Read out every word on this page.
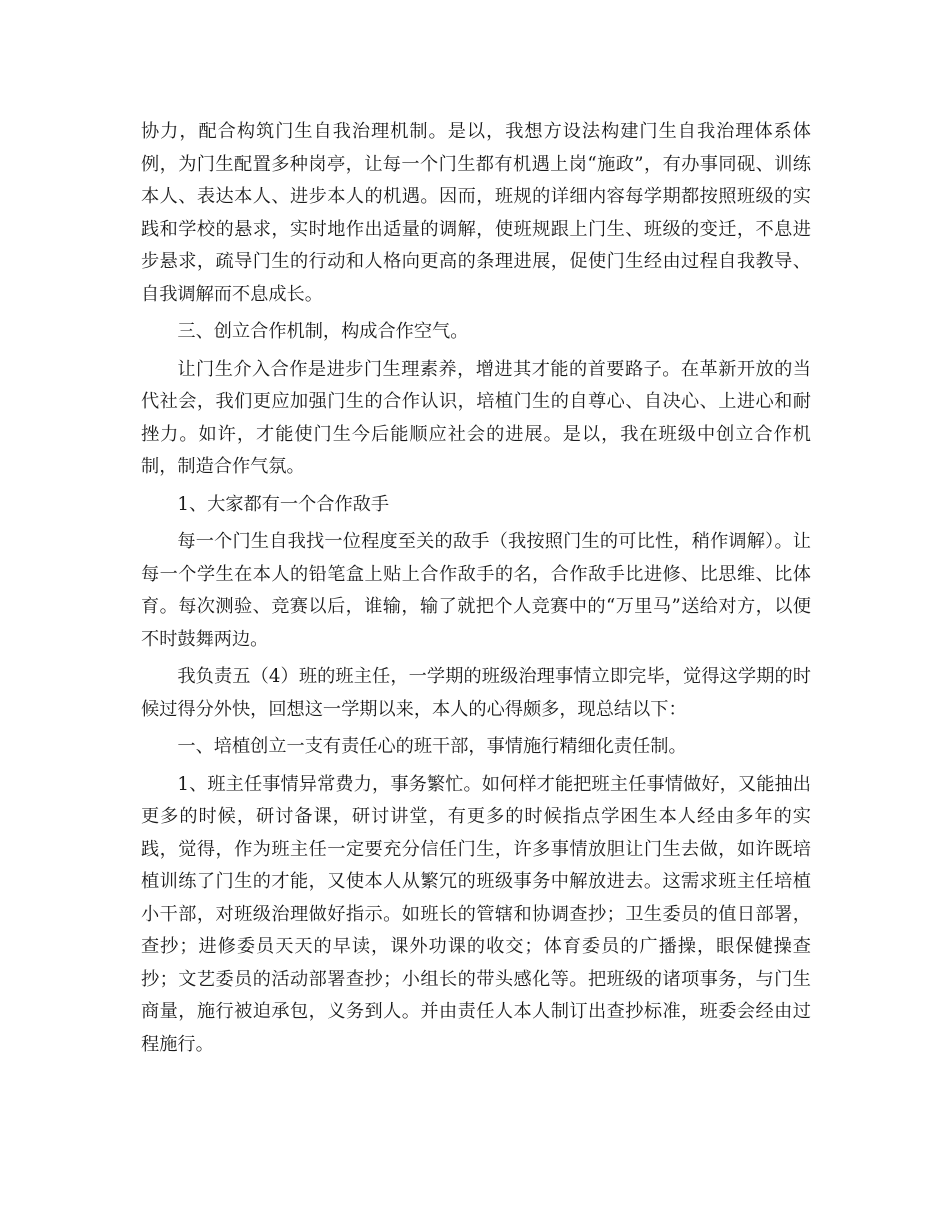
协力，配合构筑门生自我治理机制。是以，我想方设法构建门生自我治理体系体例，为门生配置多种岗亭，让每一个门生都有机遇上岗“施政”，有办事同砚、训练本人、表达本人、进步本人的机遇。因而，班规的详细内容每学期都按照班级的实践和学校的悬求，实时地作出适量的调解，使班规跟上门生、班级的变迁，不息进步悬求，疏导门生的行动和人格向更高的条理进展，促使门生经由过程自我教导、自我调解而不息成长。

三、创立合作机制，构成合作空气。

让门生介入合作是进步门生理素养，增进其才能的首要路子。在革新开放的当代社会，我们更应加强门生的合作认识，培植门生的自尊心、自决心、上进心和耐挫力。如许，才能使门生今后能顺应社会的进展。是以，我在班级中创立合作机制，制造合作气氛。

1、大家都有一个合作敌手

每一个门生自我找一位程度至关的敌手（我按照门生的可比性，稍作调解）。让每一个学生在本人的铅笔盒上贴上合作敌手的名，合作敌手比进修、比思维、比体育。每次测验、竞赛以后，谁输，输了就把个人竞赛中的“万里马”送给对方，以便不时鼓舞两边。

我负责五（4）班的班主任，一学期的班级治理事情立即完毕，觉得这学期的时候过得分外快，回想这一学期以来，本人的心得颇多，现总结以下：

一、培植创立一支有责任心的班干部，事情施行精细化责任制。

1、班主任事情异常费力，事务繁忙。如何样才能把班主任事情做好，又能抽出更多的时候，研讨备课，研讨讲堂，有更多的时候指点学困生本人经由多年的实践，觉得，作为班主任一定要充分信任门生，许多事情放胆让门生去做，如许既培植训练了门生的才能，又使本人从繁冗的班级事务中解放进去。这需求班主任培植小干部，对班级治理做好指示。如班长的管辖和协调查抄；卫生委员的值日部署，查抄；进修委员天天的早读，课外功课的收交；体育委员的广播操，眼保健操查抄；文艺委员的活动部署查抄；小组长的带头感化等。把班级的诸项事务，与门生商量，施行被迫承包，义务到人。并由责任人本人制订出查抄标准，班委会经由过程施行。
